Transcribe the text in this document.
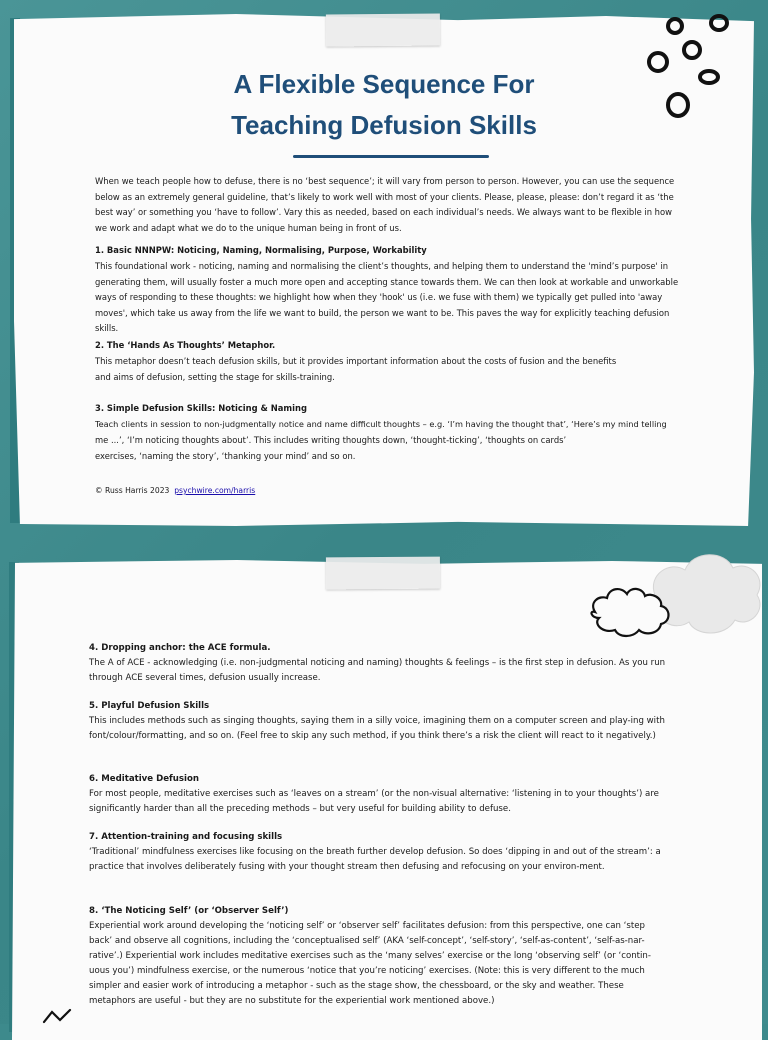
A Flexible Sequence For
Teaching Defusion Skills
When we teach people how to defuse, there is no ‘best sequence’; it will vary from person to person. However, you can use the sequence below as an extremely general guideline, that’s likely to work well with most of your clients. Please, please, please: don’t regard it as ‘the best way’ or something you ‘have to follow’. Vary this as needed, based on each individual’s needs. We always want to be flexible in how we work and adapt what we do to the unique human being in front of us.
1. Basic NNNPW: Noticing, Naming, Normalising, Purpose, Workability
This foundational work - noticing, naming and normalising the client’s thoughts, and helping them to understand the 'mind’s purpose' in generating them, will usually foster a much more open and accepting stance towards them. We can then look at workable and unworkable ways of responding to these thoughts: we highlight how when they 'hook' us (i.e. we fuse with them) we typically get pulled into 'away moves', which take us away from the life we want to build, the person we want to be. This paves the way for explicitly teaching defusion skills.
2. The ‘Hands As Thoughts’ Metaphor.
This metaphor doesn’t teach defusion skills, but it provides important information about the costs of fusion and the benefits
and aims of defusion, setting the stage for skills-training.
3. Simple Defusion Skills: Noticing & Naming
Teach clients in session to non-judgmentally notice and name difficult thoughts – e.g. ‘I’m having the thought that’, ‘Here’s my mind telling
me ...’, ‘I’m noticing thoughts about’. This includes writing thoughts down, ‘thought-ticking’, ‘thoughts on cards’
exercises, ‘naming the story’, ‘thanking your mind’ and so on.
© Russ Harris 2023 psychwire.com/harris
4. Dropping anchor: the ACE formula.
The A of ACE - acknowledging (i.e. non-judgmental noticing and naming) thoughts & feelings – is the first step in defusion. As you run through ACE several times, defusion usually increase.
5. Playful Defusion Skills
This includes methods such as singing thoughts, saying them in a silly voice, imagining them on a computer screen and play-ing with font/colour/formatting, and so on. (Feel free to skip any such method, if you think there’s a risk the client will react to it negatively.)
6. Meditative Defusion
For most people, meditative exercises such as ‘leaves on a stream’ (or the non-visual alternative: ‘listening in to your thoughts’) are significantly harder than all the preceding methods – but very useful for building ability to defuse.
7. Attention-training and focusing skills
‘Traditional’ mindfulness exercises like focusing on the breath further develop defusion. So does ‘dipping in and out of the stream’: a practice that involves deliberately fusing with your thought stream then defusing and refocusing on your environ-ment.
8. ‘The Noticing Self’ (or ‘Observer Self’)
Experiential work around developing the ‘noticing self’ or ‘observer self’ facilitates defusion: from this perspective, one can ‘step back’ and observe all cognitions, including the ‘conceptualised self’ (AKA ‘self-concept’, ‘self-story’, ‘self-as-content’, ‘self-as-nar-rative’.) Experiential work includes meditative exercises such as the ‘many selves’ exercise or the long ‘observing self’ (or ‘contin-uous you’) mindfulness exercise, or the numerous ‘notice that you’re noticing’ exercises. (Note: this is very different to the much simpler and easier work of introducing a metaphor - such as the stage show, the chessboard, or the sky and weather. These metaphors are useful - but they are no substitute for the experiential work mentioned above.)
